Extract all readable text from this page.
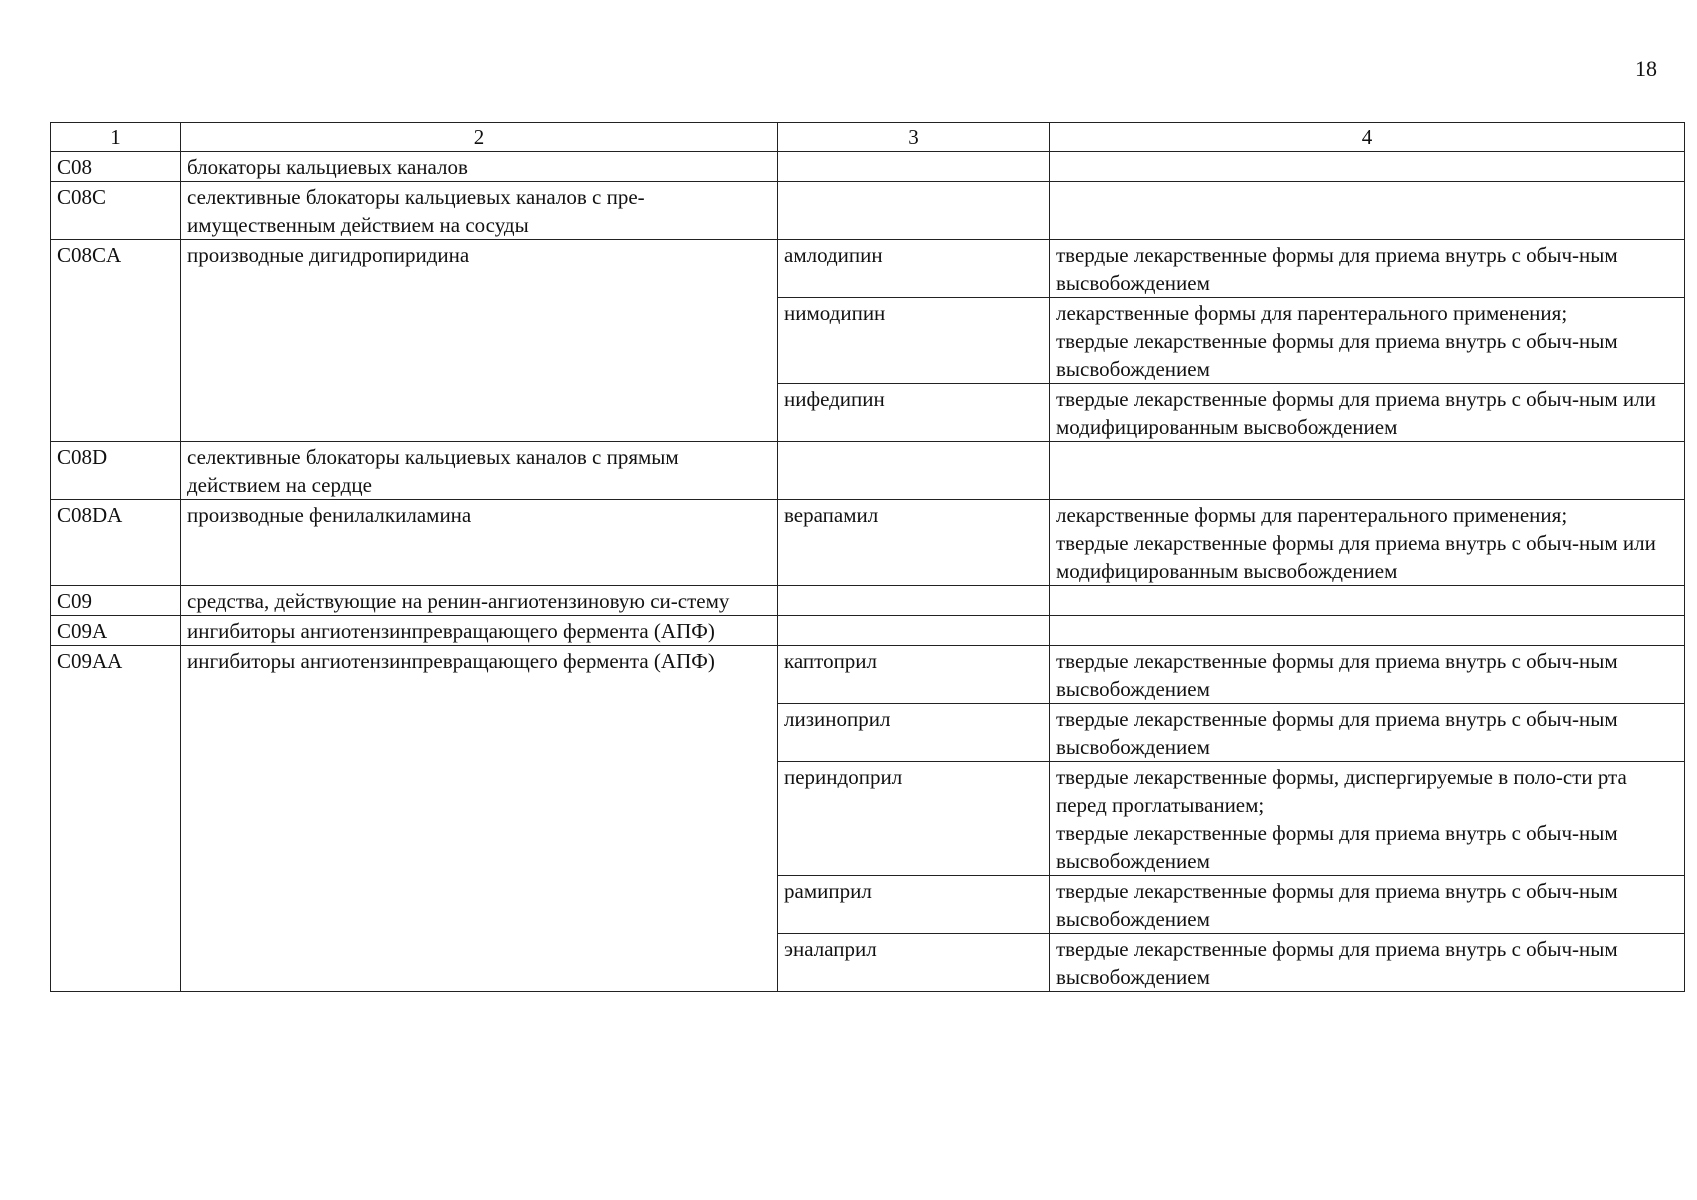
18
1	2	3	4
C08	блокаторы кальциевых каналов		
C08C	селективные блокаторы кальциевых каналов с пре-имущественным действием на сосуды		
C08CA	производные дигидропиридина	амлодипин	твердые лекарственные формы для приема внутрь с обыч-ным высвобождением

		нимодипин	лекарственные формы для парентерального применения;
твердые лекарственные формы для приема внутрь с обыч-ным высвобождением

		нифедипин	твердые лекарственные формы для приема внутрь с обыч-ным или модифицированным высвобождением

C08D	селективные блокаторы кальциевых каналов с прямым действием на сердце		
C08DA	производные фенилалкиламина	верапамил	лекарственные формы для парентерального применения;
твердые лекарственные формы для приема внутрь с обыч-ным или модифицированным высвобождением

C09	средства, действующие на ренин-ангиотензиновую си-стему		
C09A	ингибиторы ангиотензинпревращающего фермента (АПФ)		
C09AA	ингибиторы ангиотензинпревращающего фермента (АПФ)	каптоприл	твердые лекарственные формы для приема внутрь с обыч-ным высвобождением

		лизиноприл	твердые лекарственные формы для приема внутрь с обыч-ным высвобождением

		периндоприл	твердые лекарственные формы, диспергируемые в поло-сти рта перед проглатыванием;
твердые лекарственные формы для приема внутрь с обыч-ным высвобождением

		рамиприл	твердые лекарственные формы для приема внутрь с обыч-ным высвобождением

		эналаприл	твердые лекарственные формы для приема внутрь с обыч-ным высвобождением
